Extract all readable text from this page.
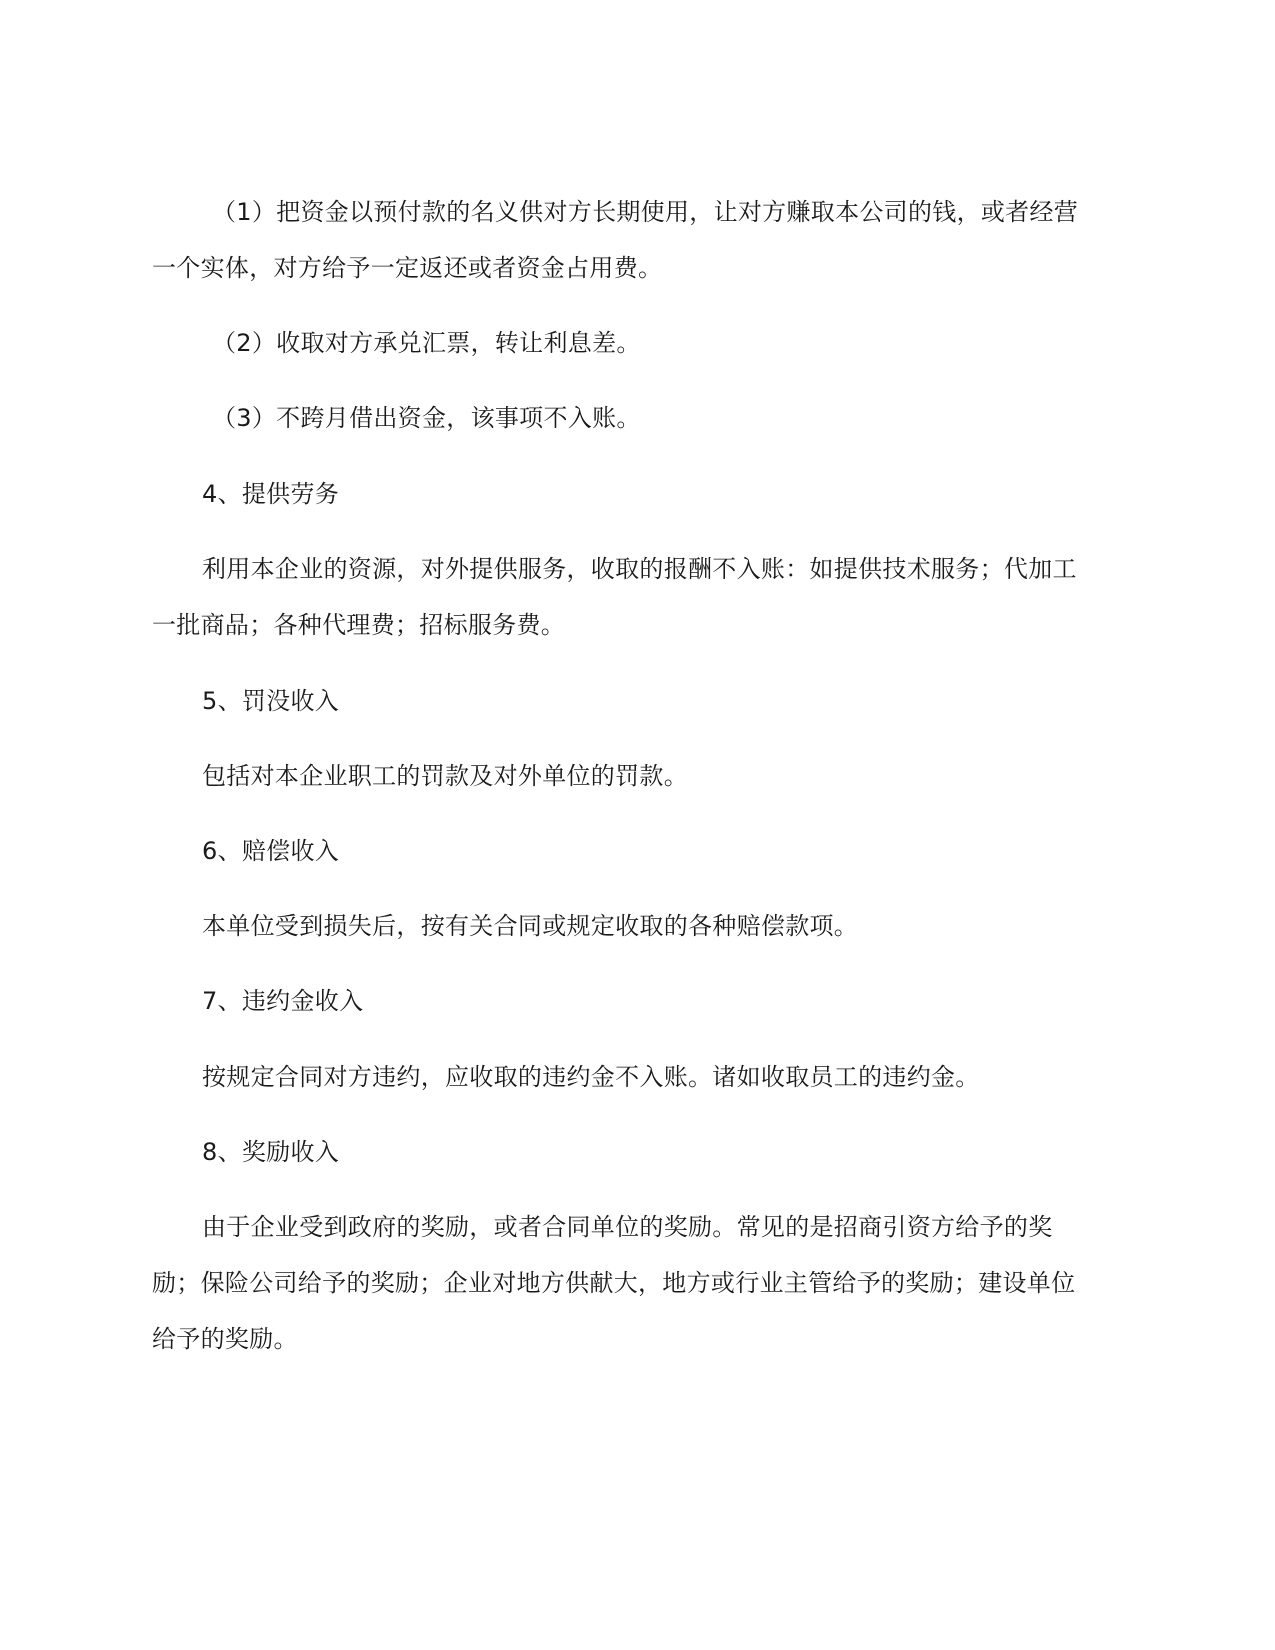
（1）把资金以预付款的名义供对方长期使用，让对方赚取本公司的钱，或者经营
一个实体，对方给予一定返还或者资金占用费。
（2）收取对方承兑汇票，转让利息差。
（3）不跨月借出资金，该事项不入账。
4、提供劳务
利用本企业的资源，对外提供服务，收取的报酬不入账：如提供技术服务；代加工
一批商品；各种代理费；招标服务费。
5、罚没收入
包括对本企业职工的罚款及对外单位的罚款。
6、赔偿收入
本单位受到损失后，按有关合同或规定收取的各种赔偿款项。
7、违约金收入
按规定合同对方违约，应收取的违约金不入账。诸如收取员工的违约金。
8、奖励收入
由于企业受到政府的奖励，或者合同单位的奖励。常见的是招商引资方给予的奖
励；保险公司给予的奖励；企业对地方供献大，地方或行业主管给予的奖励；建设单位
给予的奖励。
